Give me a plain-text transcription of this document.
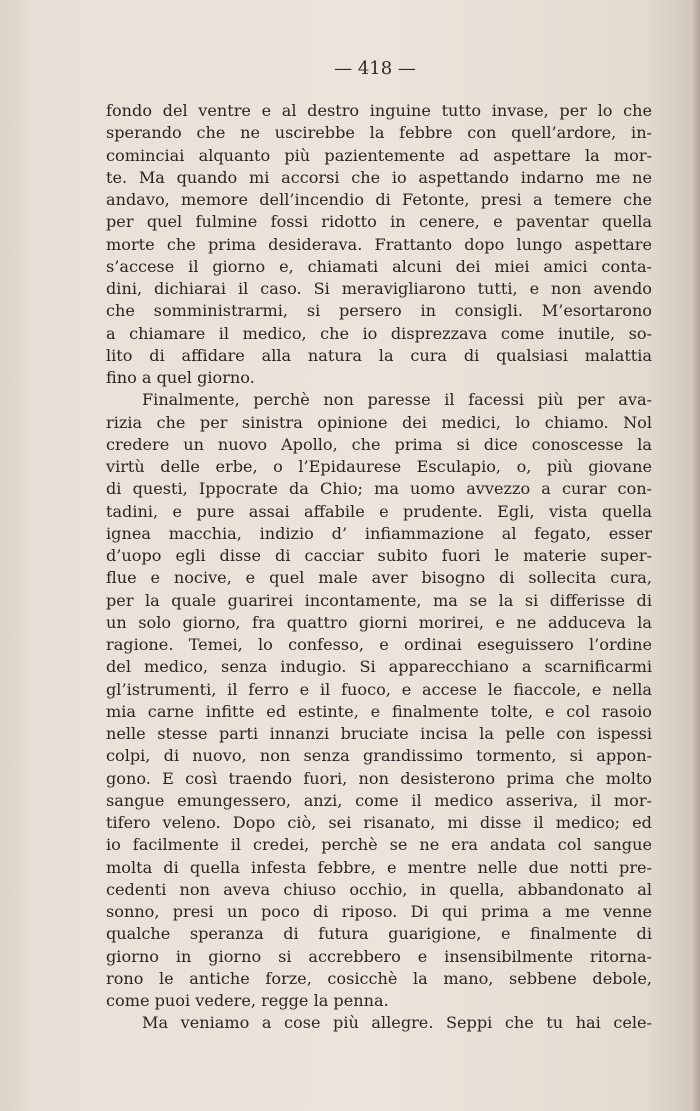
— 418 —
fondo del ventre e al destro inguine tutto invase, per lo che
sperando che ne uscirebbe la febbre con quell’ardore, in-
cominciai alquanto più pazientemente ad aspettare la mor-
te. Ma quando mi accorsi che io aspettando indarno me ne
andavo, memore dell’incendio di Fetonte, presi a temere che
per quel fulmine fossi ridotto in cenere, e paventar quella
morte che prima desiderava. Frattanto dopo lungo aspettare
s’accese il giorno e, chiamati alcuni dei miei amici conta-
dini, dichiarai il caso. Si meravigliarono tutti, e non avendo
che somministrarmi, si persero in consigli. M’esortarono
a chiamare il medico, che io disprezzava come inutile, so-
lito di affidare alla natura la cura di qualsiasi malattia
fino a quel giorno.
Finalmente, perchè non paresse il facessi più per ava-
rizia che per sinistra opinione dei medici, lo chiamo. Nol
credere un nuovo Apollo, che prima si dice conoscesse la
virtù delle erbe, o l’Epidaurese Esculapio, o, più giovane
di questi, Ippocrate da Chio; ma uomo avvezzo a curar con-
tadini, e pure assai affabile e prudente. Egli, vista quella
ignea macchia, indizio d’ infiammazione al fegato, esser
d’uopo egli disse di cacciar subito fuori le materie super-
flue e nocive, e quel male aver bisogno di sollecita cura,
per la quale guarirei incontamente, ma se la si differisse di
un solo giorno, fra quattro giorni morirei, e ne adduceva la
ragione. Temei, lo confesso, e ordinai eseguissero l’ordine
del medico, senza indugio. Si apparecchiano a scarnificarmi
gl’istrumenti, il ferro e il fuoco, e accese le fiaccole, e nella
mia carne infitte ed estinte, e finalmente tolte, e col rasoio
nelle stesse parti innanzi bruciate incisa la pelle con ispessi
colpi, di nuovo, non senza grandissimo tormento, si appon-
gono. E così traendo fuori, non desisterono prima che molto
sangue emungessero, anzi, come il medico asseriva, il mor-
tifero veleno. Dopo ciò, sei risanato, mi disse il medico; ed
io facilmente il credei, perchè se ne era andata col sangue
molta di quella infesta febbre, e mentre nelle due notti pre-
cedenti non aveva chiuso occhio, in quella, abbandonato al
sonno, presi un poco di riposo. Di qui prima a me venne
qualche speranza di futura guarigione, e finalmente di
giorno in giorno si accrebbero e insensibilmente ritorna-
rono le antiche forze, cosicchè la mano, sebbene debole,
come puoi vedere, regge la penna.
Ma veniamo a cose più allegre. Seppi che tu hai cele-
